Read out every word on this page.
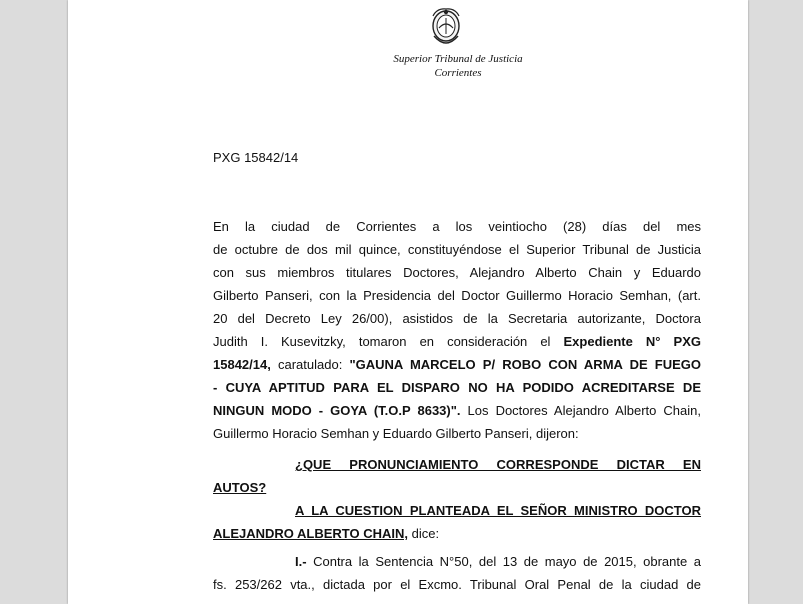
Superior Tribunal de Justicia
Corrientes
PXG 15842/14
En la ciudad de Corrientes a los veintiocho (28) días del mes
de octubre de dos mil quince, constituyéndose el Superior Tribunal de Justicia
con sus miembros titulares Doctores, Alejandro Alberto Chain y Eduardo
Gilberto Panseri, con la Presidencia del Doctor Guillermo Horacio Semhan, (art.
20 del Decreto Ley 26/00), asistidos de la Secretaria autorizante, Doctora
Judith I. Kusevitzky, tomaron en consideración el Expediente N° PXG
15842/14, caratulado: "GAUNA MARCELO P/ ROBO CON ARMA DE FUEGO
- CUYA APTITUD PARA EL DISPARO NO HA PODIDO ACREDITARSE DE
NINGUN MODO - GOYA (T.O.P 8633)". Los Doctores Alejandro Alberto Chain,
Guillermo Horacio Semhan y Eduardo Gilberto Panseri, dijeron:
¿QUE PRONUNCIAMIENTO CORRESPONDE DICTAR EN
AUTOS?
A LA CUESTION PLANTEADA EL SEÑOR MINISTRO DOCTOR
ALEJANDRO ALBERTO CHAIN, dice:
I.- Contra la Sentencia N°50, del 13 de mayo de 2015, obrante a
fs. 253/262 vta., dictada por el Excmo. Tribunal Oral Penal de la ciudad de
